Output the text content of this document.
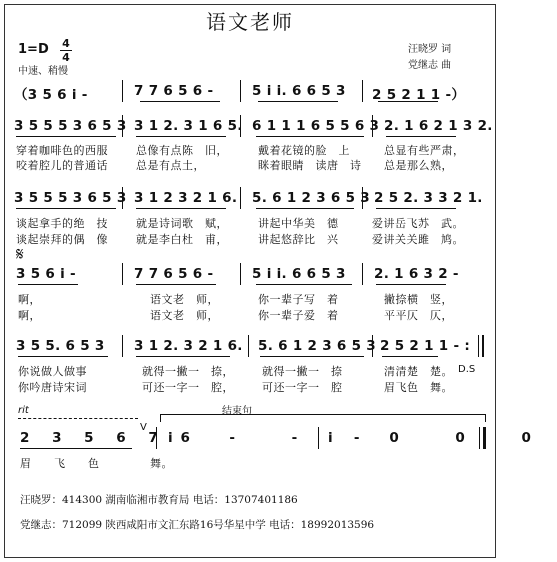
语文老师
汪晓罗 词
党继志 曲
1=D 4
4
中速、稍慢
（3 5 6 i -	7 7 6 5 6 -	5 i i. 6 6 5 3 2 5 2 1 1 -）
3 5 5 5 3 6 5 3 3 1 2. 3 1 6 5. 6 1 1 1 6 5 5 6 3 2. 1 6 2 1 3 2.
穿着咖啡色的西服	总像有点陈　旧，	戴着花镜的脸　上	总显有些严肃，
咬着腔儿的普通话	总是有点土，	眯着眼睛　读唐　诗 总是那么熟，
3 5 5 5 3 6 5 3 3 1 2 3 2 1 6. 5. 6 1 2 3 6 5 3 2 5 2. 3 3 2 1.
谈起拿手的绝　技	就是诗词歌　赋，	讲起中华美　德	爱讲岳飞苏　武。
谈起崇拜的偶　像	就是李白杜　甫，	讲起悠辞比　兴	爱讲关关雎　鸠。
𝄋
3 5 6 i -	7 7 6 5 6 -	5 i i. 6 6 5 3 2. 1 6 3 2 -
啊，	语文老　师，	你一辈子写　着	撇捺横　竖，
啊，	语文老　师，	你一辈子爱　着	平平仄　仄，
3 5 5. 6 5 3 3 1 2. 3 2 1 6. 5. 6 1 2 3 6 5 3 2 5 2 1 1 - :
你说做人做事	就得一撇一　捺，	就得一撇一　捺	清清楚　楚。 D.S
你吟唐诗宋词	可还一字一　腔，	可还一字一　腔	眉飞色　舞。
rit	结束句
2 3 5 6 7 6
V
i - - -
i 0 0 0
眉　飞　色	舞。
汪晓罗：414300 湖南临湘市教育局 电话：13707401186
党继志：712099 陕西咸阳市文汇东路16号华星中学 电话：18992013596
